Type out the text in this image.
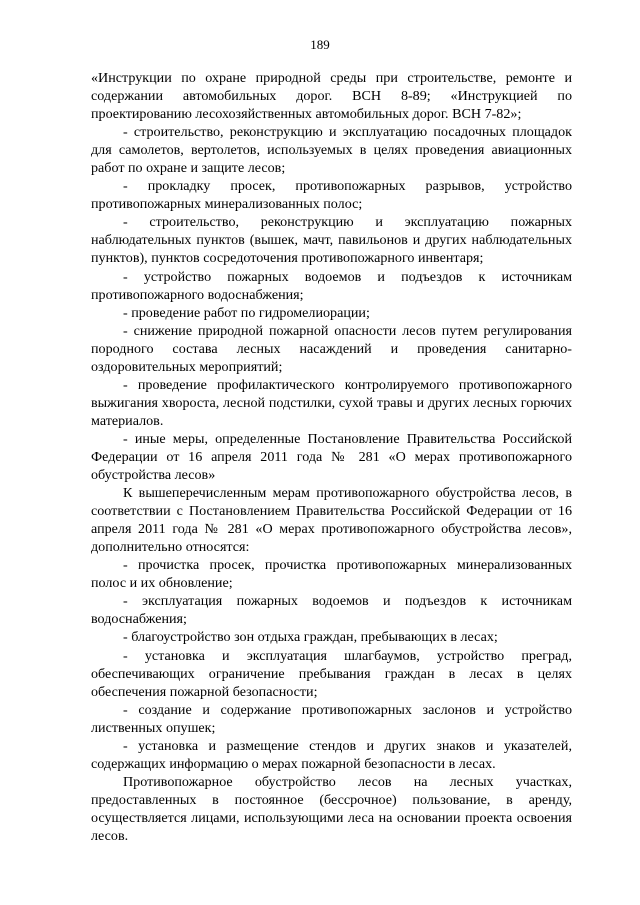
189

«Инструкции по охране природной среды при строительстве, ремонте и содержании автомобильных дорог. ВСН 8-89; «Инструкцией по проектированию лесохозяйственных автомобильных дорог. ВСН 7-82»;

- строительство, реконструкцию и эксплуатацию посадочных площадок для самолетов, вертолетов, используемых в целях проведения авиационных работ по охране и защите лесов;

- прокладку просек, противопожарных разрывов, устройство противопожарных минерализованных полос;

- строительство, реконструкцию и эксплуатацию пожарных наблюдательных пунктов (вышек, мачт, павильонов и других наблюдательных пунктов), пунктов сосредоточения противопожарного инвентаря;

- устройство пожарных водоемов и подъездов к источникам противопожарного водоснабжения;

- проведение работ по гидромелиорации;

- снижение природной пожарной опасности лесов путем регулирования породного состава лесных насаждений и проведения санитарно-оздоровительных мероприятий;

- проведение профилактического контролируемого противопожарного выжигания хвороста, лесной подстилки, сухой травы и других лесных горючих материалов.

- иные меры, определенные Постановление Правительства Российской Федерации от 16 апреля 2011 года № 281 «О мерах противопожарного обустройства лесов»

К вышеперечисленным мерам противопожарного обустройства лесов, в соответствии с Постановлением Правительства Российской Федерации от 16 апреля 2011 года № 281 «О мерах противопожарного обустройства лесов», дополнительно относятся:

- прочистка просек, прочистка противопожарных минерализованных полос и их обновление;

- эксплуатация пожарных водоемов и подъездов к источникам водоснабжения;

- благоустройство зон отдыха граждан, пребывающих в лесах;

- установка и эксплуатация шлагбаумов, устройство преград, обеспечивающих ограничение пребывания граждан в лесах в целях обеспечения пожарной безопасности;

- создание и содержание противопожарных заслонов и устройство лиственных опушек;

- установка и размещение стендов и других знаков и указателей, содержащих информацию о мерах пожарной безопасности в лесах.

Противопожарное обустройство лесов на лесных участках, предоставленных в постоянное (бессрочное) пользование, в аренду, осуществляется лицами, использующими леса на основании проекта освоения лесов.
